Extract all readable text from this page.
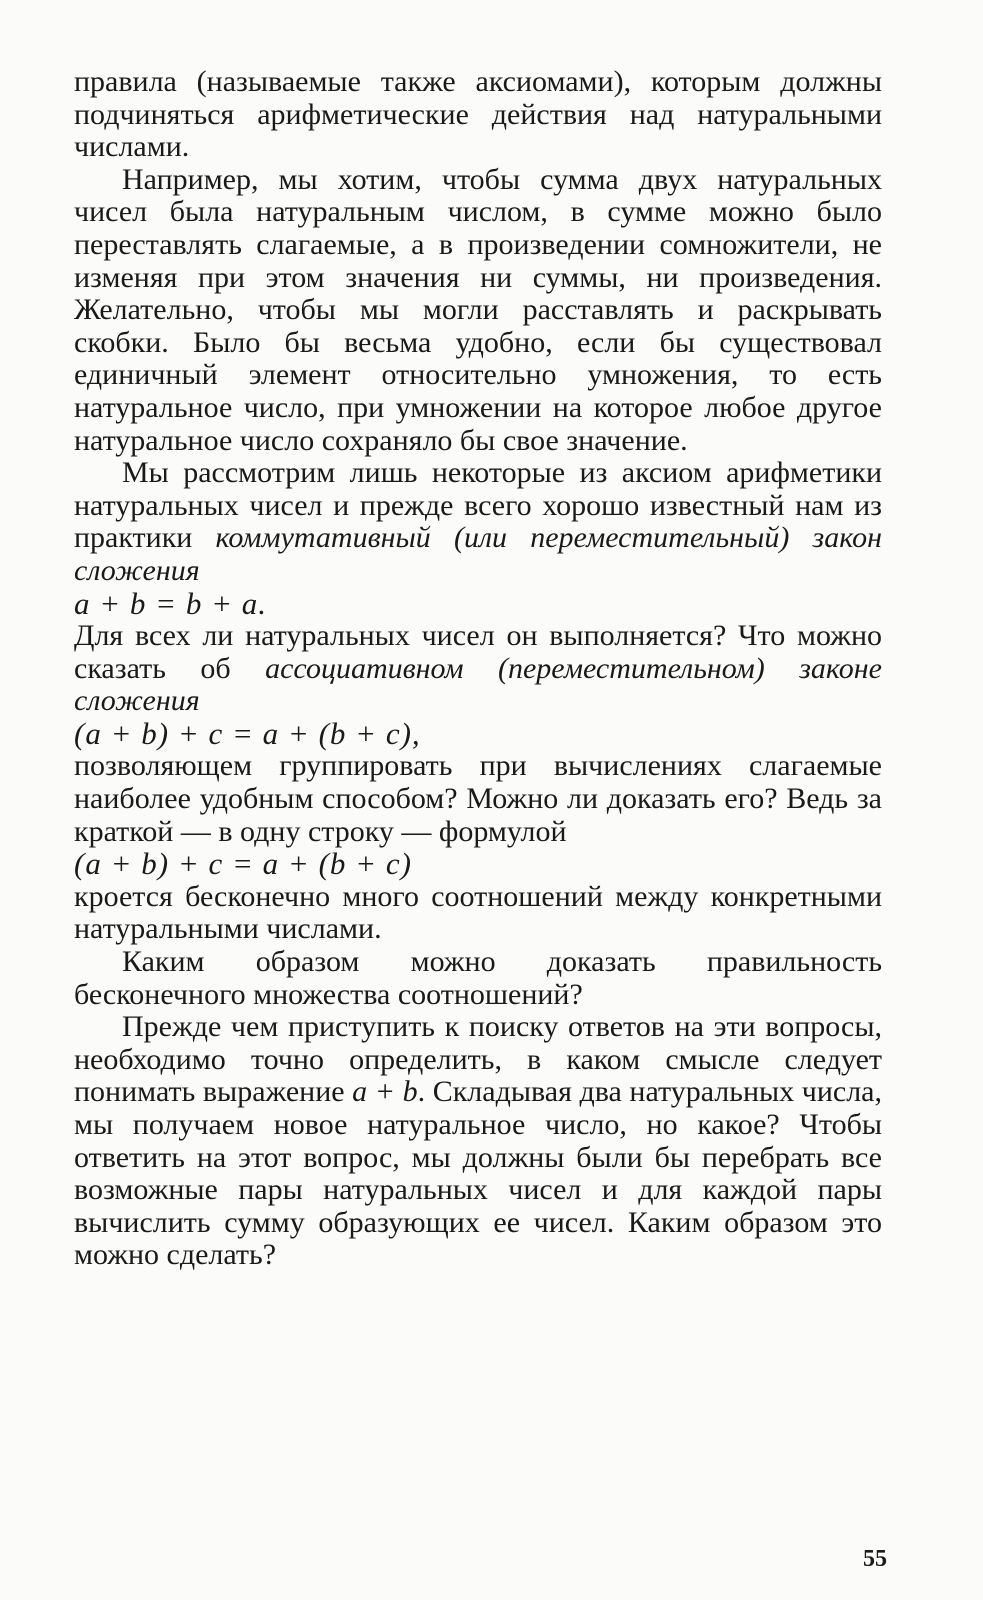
правила (называемые также аксиомами), которым должны подчиняться арифметические действия над натуральными числами.

Например, мы хотим, чтобы сумма двух натуральных чисел была натуральным числом, в сумме можно было переставлять слагаемые, а в произведении сомножители, не изменяя при этом значения ни суммы, ни произведения. Желательно, чтобы мы могли расставлять и раскрывать скобки. Было бы весьма удобно, если бы существовал единичный элемент относительно умножения, то есть натуральное число, при умножении на которое любое другое натуральное число сохраняло бы свое значение.

Мы рассмотрим лишь некоторые из аксиом арифметики натуральных чисел и прежде всего хорошо известный нам из практики коммутативный (или переместительный) закон сложения

a + b = b + a.

Для всех ли натуральных чисел он выполняется? Что можно сказать об ассоциативном (переместительном) законе сложения

(a + b) + c = a + (b + c),

позволяющем группировать при вычислениях слагаемые наиболее удобным способом? Можно ли доказать его? Ведь за краткой — в одну строку — формулой

(a + b) + c = a + (b + c)

кроется бесконечно много соотношений между конкретными натуральными числами.

Каким образом можно доказать правильность бесконечного множества соотношений?

Прежде чем приступить к поиску ответов на эти вопросы, необходимо точно определить, в каком смысле следует понимать выражение a + b. Складывая два натуральных числа, мы получаем новое натуральное число, но какое? Чтобы ответить на этот вопрос, мы должны были бы перебрать все возможные пары натуральных чисел и для каждой пары вычислить сумму образующих ее чисел. Каким образом это можно сделать?

55
